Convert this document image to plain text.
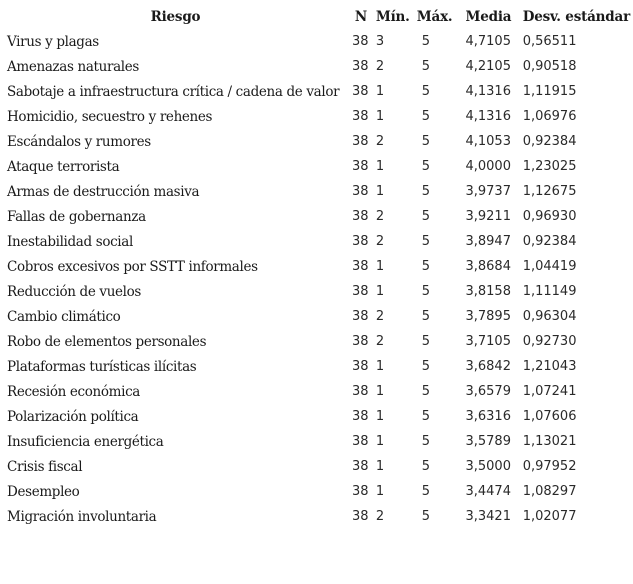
Riesgo	N	Mín.	Máx.	Media	Desv. estándar
Virus y plagas	38	3	5	4,7105	0,56511
Amenazas naturales	38	2	5	4,2105	0,90518
Sabotaje a infraestructura crítica / cadena de valor	38	1	5	4,1316	1,11915
Homicidio, secuestro y rehenes	38	1	5	4,1316	1,06976
Escándalos y rumores	38	2	5	4,1053	0,92384
Ataque terrorista	38	1	5	4,0000	1,23025
Armas de destrucción masiva	38	1	5	3,9737	1,12675
Fallas de gobernanza	38	2	5	3,9211	0,96930
Inestabilidad social	38	2	5	3,8947	0,92384
Cobros excesivos por SSTT informales	38	1	5	3,8684	1,04419
Reducción de vuelos	38	1	5	3,8158	1,11149
Cambio climático	38	2	5	3,7895	0,96304
Robo de elementos personales	38	2	5	3,7105	0,92730
Plataformas turísticas ilícitas	38	1	5	3,6842	1,21043
Recesión económica	38	1	5	3,6579	1,07241
Polarización política	38	1	5	3,6316	1,07606
Insuficiencia energética	38	1	5	3,5789	1,13021
Crisis fiscal	38	1	5	3,5000	0,97952
Desempleo	38	1	5	3,4474	1,08297
Migración involuntaria	38	2	5	3,3421	1,02077
